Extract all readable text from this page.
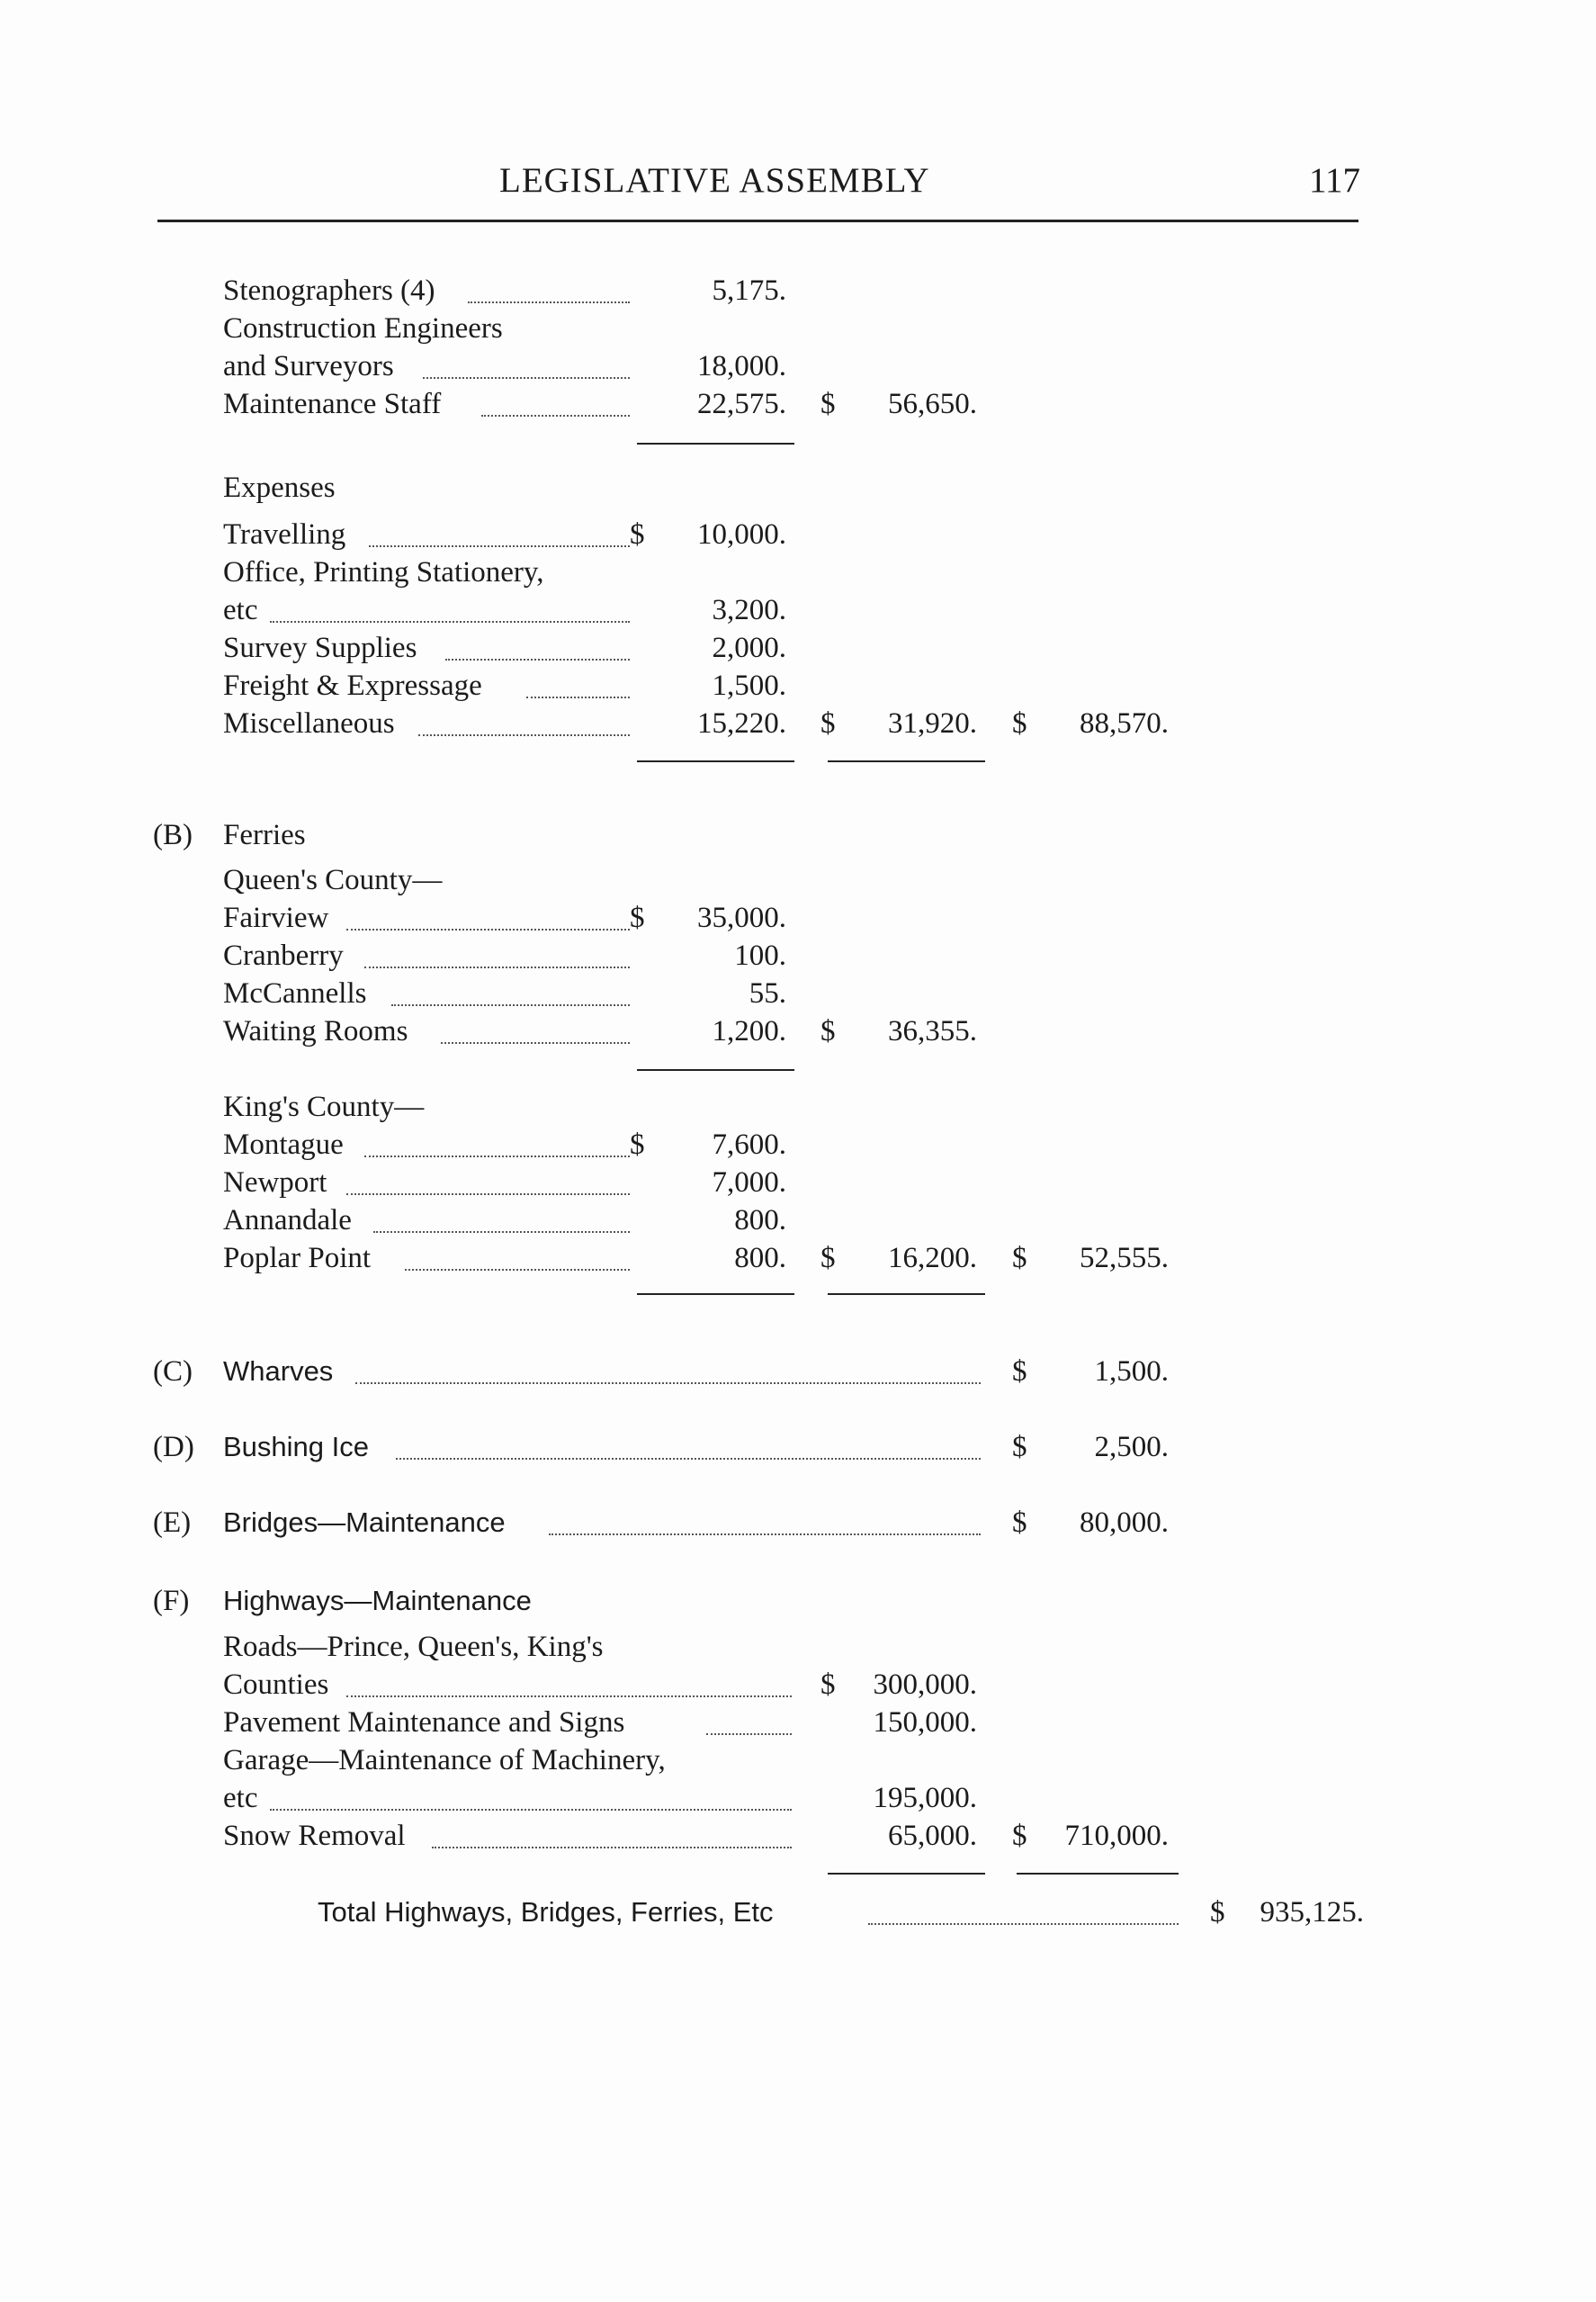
LEGISLATIVE ASSEMBLY	117
Stenographers (4)	5,175.
Construction Engineers
and Surveyors	18,000.
Maintenance Staff	22,575. $ 56,650.
Expenses
Travelling	$ 10,000.
Office, Printing Stationery,
etc	3,200.
Survey Supplies	2,000.
Freight & Expressage	1,500.
Miscellaneous	15,220. $ 31,920. $ 88,570.
(B) Ferries
Queen's County—
Fairview	$ 35,000.
Cranberry	100.
McCannells	55.
Waiting Rooms	1,200. $ 36,355.
King's County—
Montague	$ 7,600.
Newport	7,000.
Annandale	800.
Poplar Point	800. $ 16,200. $ 52,555.
(C) Wharves	$ 1,500.
(D) Bushing Ice	$ 2,500.
(E) Bridges—Maintenance	$ 80,000.
(F) Highways—Maintenance
Roads—Prince, Queen's, King's
Counties	$ 300,000.
Pavement Maintenance and Signs	150,000.
Garage—Maintenance of Machinery,
etc	195,000.
Snow Removal	65,000. $ 710,000.
Total Highways, Bridges, Ferries, Etc	$ 935,125.
